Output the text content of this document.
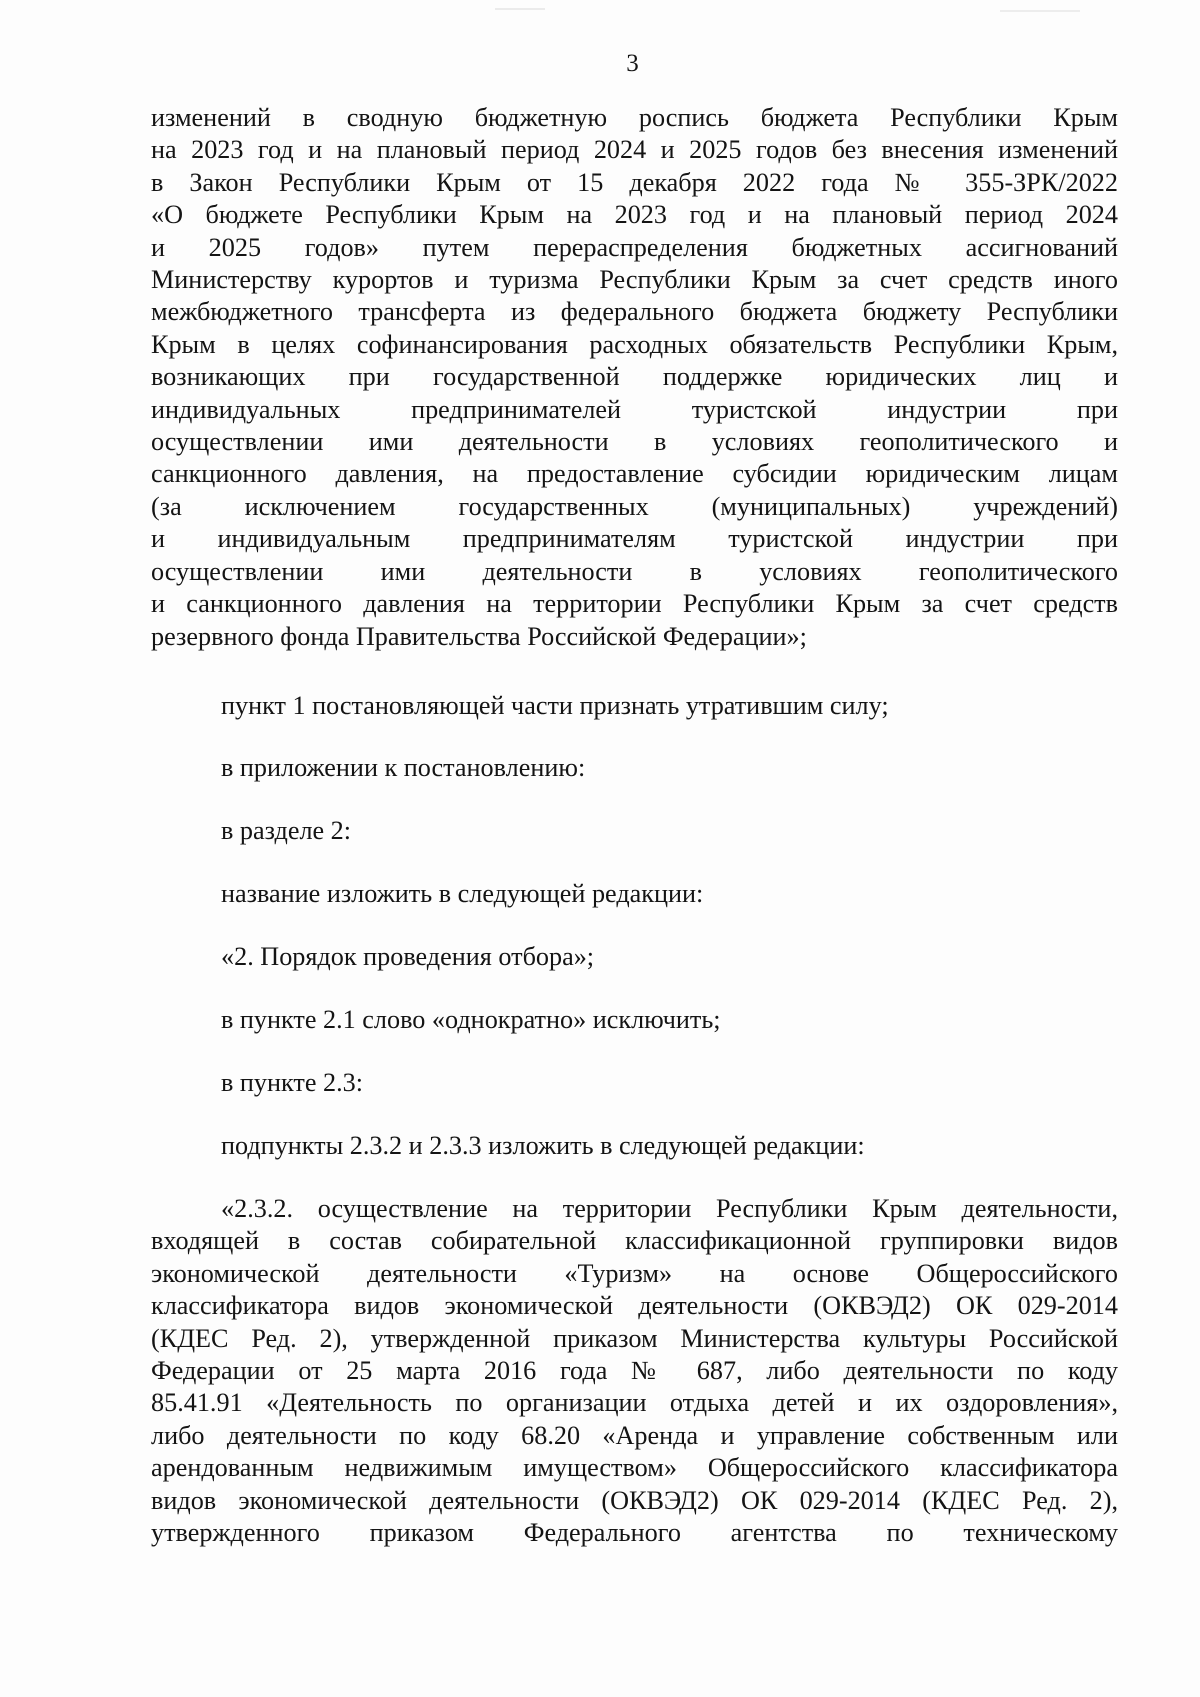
3
изменений в сводную бюджетную роспись бюджета Республики Крым
на 2023 год и на плановый период 2024 и 2025 годов без внесения изменений
в Закон Республики Крым от 15 декабря 2022 года № 355-ЗРК/2022
«О бюджете Республики Крым на 2023 год и на плановый период 2024
и 2025 годов» путем перераспределения бюджетных ассигнований
Министерству курортов и туризма Республики Крым за счет средств иного
межбюджетного трансферта из федерального бюджета бюджету Республики
Крым в целях софинансирования расходных обязательств Республики Крым,
возникающих при государственной поддержке юридических лиц и
индивидуальных предпринимателей туристской индустрии при
осуществлении ими деятельности в условиях геополитического и
санкционного давления, на предоставление субсидии юридическим лицам
(за исключением государственных (муниципальных) учреждений)
и индивидуальным предпринимателям туристской индустрии при
осуществлении ими деятельности в условиях геополитического
и санкционного давления на территории Республики Крым за счет средств
резервного фонда Правительства Российской Федерации»;
пункт 1 постановляющей части признать утратившим силу;
в приложении к постановлению:
в разделе 2:
название изложить в следующей редакции:
«2. Порядок проведения отбора»;
в пункте 2.1 слово «однократно» исключить;
в пункте 2.3:
подпункты 2.3.2 и 2.3.3 изложить в следующей редакции:
«2.3.2. осуществление на территории Республики Крым деятельности,
входящей в состав собирательной классификационной группировки видов
экономической деятельности «Туризм» на основе Общероссийского
классификатора видов экономической деятельности (ОКВЭД2) ОК 029-2014
(КДЕС Ред. 2), утвержденной приказом Министерства культуры Российской
Федерации от 25 марта 2016 года № 687, либо деятельности по коду
85.41.91 «Деятельность по организации отдыха детей и их оздоровления»,
либо деятельности по коду 68.20 «Аренда и управление собственным или
арендованным недвижимым имуществом» Общероссийского классификатора
видов экономической деятельности (ОКВЭД2) ОК 029-2014 (КДЕС Ред. 2),
утвержденного приказом Федерального агентства по техническому
